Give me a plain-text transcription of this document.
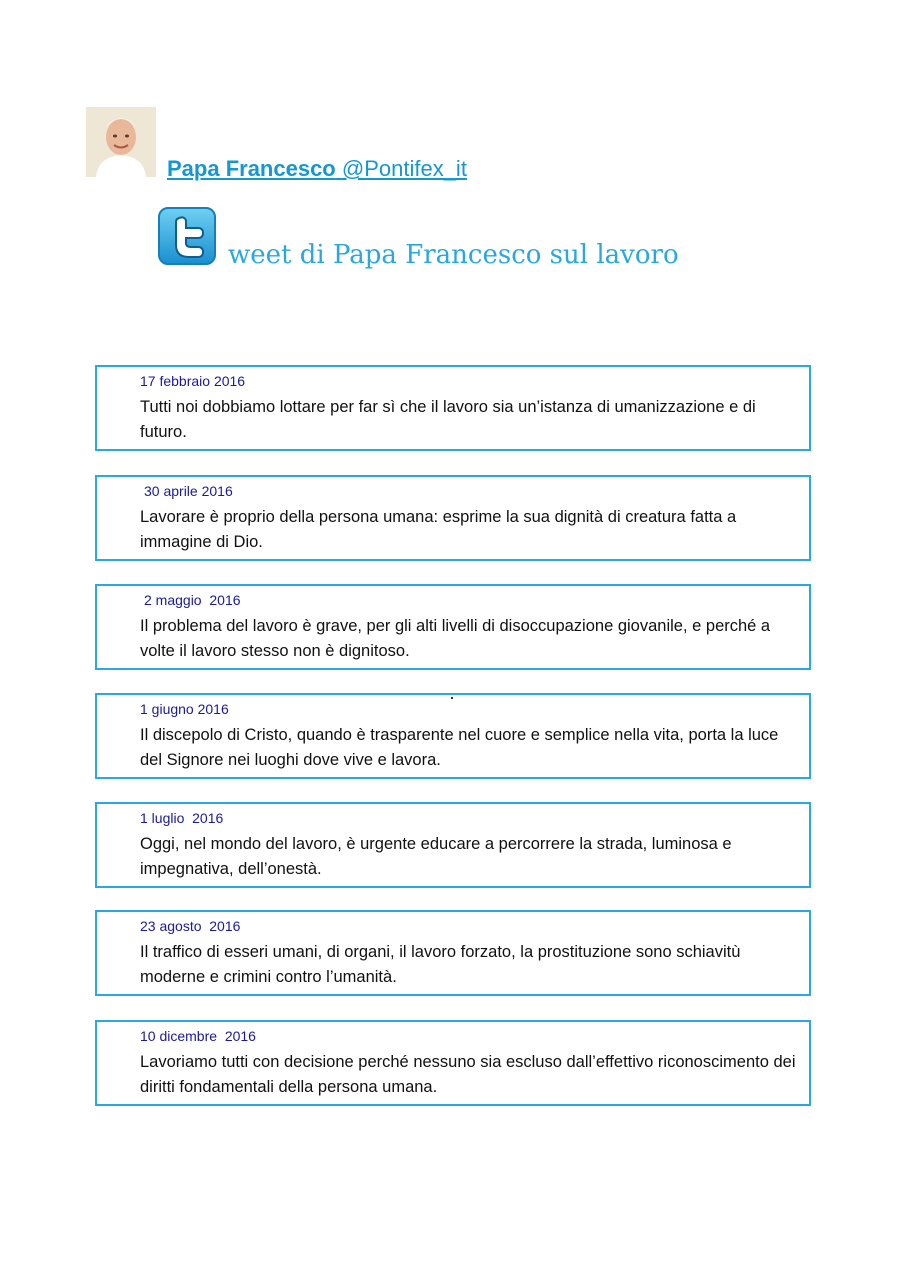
Papa Francesco @Pontifex_it
weet di Papa Francesco sul lavoro
17 febbraio 2016
Tutti noi dobbiamo lottare per far sì che il lavoro sia un’istanza di umanizzazione e di futuro.
30 aprile 2016
Lavorare è proprio della persona umana: esprime la sua dignità di creatura fatta a immagine di Dio.
2 maggio  2016
Il problema del lavoro è grave, per gli alti livelli di disoccupazione giovanile, e perché a volte il lavoro stesso non è dignitoso.
1 giugno 2016
Il discepolo di Cristo, quando è trasparente nel cuore e semplice nella vita, porta la luce del Signore nei luoghi dove vive e lavora.
1 luglio  2016
Oggi, nel mondo del lavoro, è urgente educare a percorrere la strada, luminosa e impegnativa, dell’onestà.
23 agosto  2016
Il traffico di esseri umani, di organi, il lavoro forzato, la prostituzione sono schiavitù moderne e crimini contro l’umanità.
10 dicembre  2016
Lavoriamo tutti con decisione perché nessuno sia escluso dall’effettivo riconoscimento dei diritti fondamentali della persona umana.
